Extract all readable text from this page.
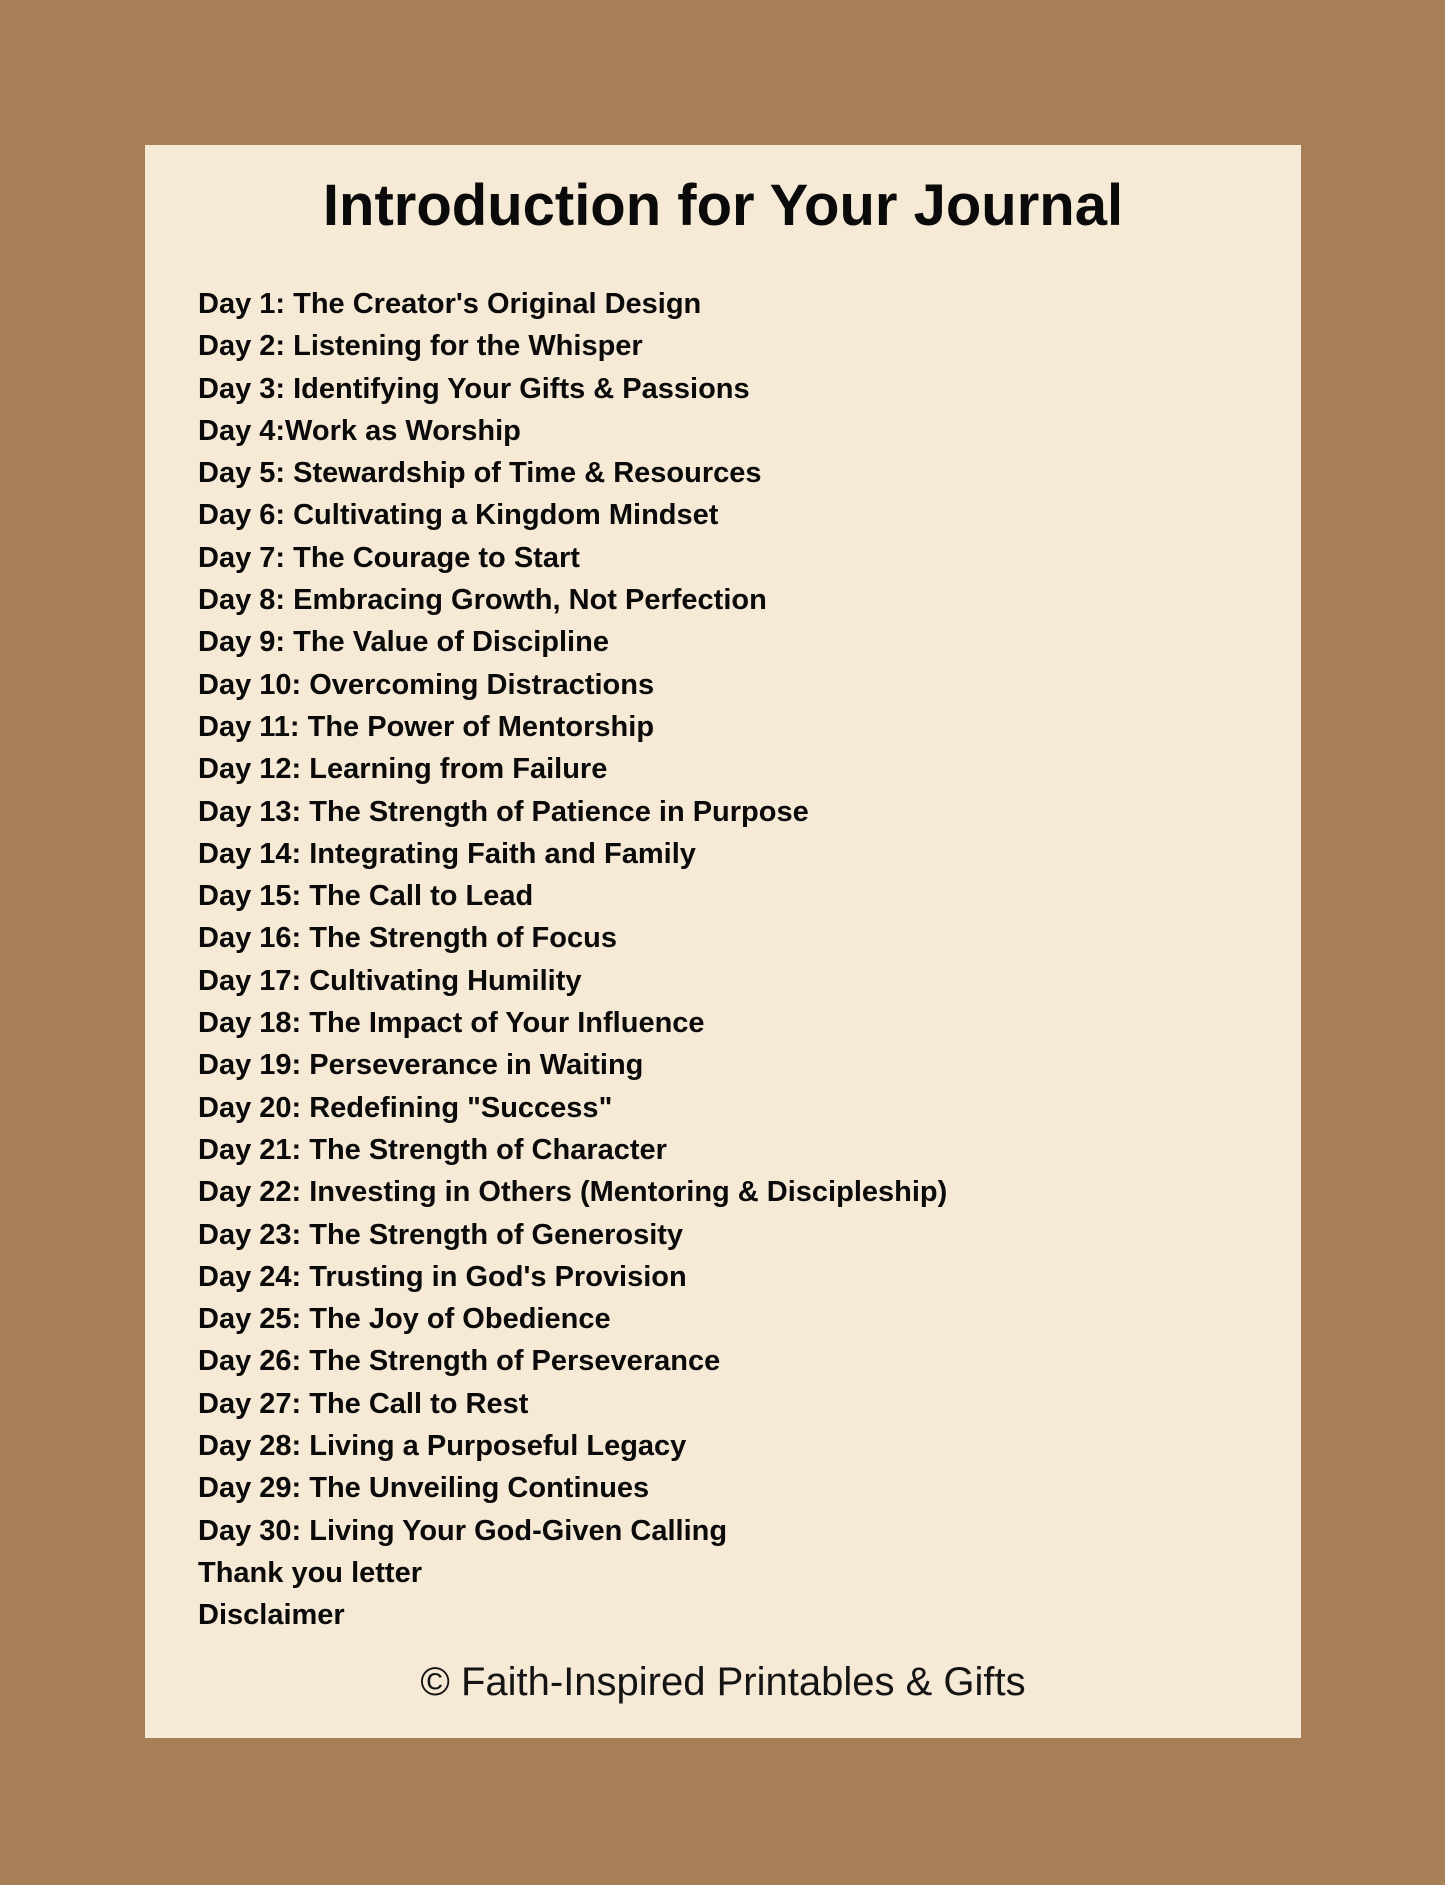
Introduction for Your Journal
Day 1: The Creator's Original Design
Day 2: Listening for the Whisper
Day 3: Identifying Your Gifts & Passions
Day 4:Work as Worship
Day 5: Stewardship of Time & Resources
Day 6: Cultivating a Kingdom Mindset
Day 7: The Courage to Start
Day 8: Embracing Growth, Not Perfection
Day 9: The Value of Discipline
Day 10: Overcoming Distractions
Day 11: The Power of Mentorship
Day 12: Learning from Failure
Day 13: The Strength of Patience in Purpose
Day 14: Integrating Faith and Family
Day 15: The Call to Lead
Day 16: The Strength of Focus
Day 17: Cultivating Humility
Day 18: The Impact of Your Influence
Day 19: Perseverance in Waiting
Day 20: Redefining "Success"
Day 21: The Strength of Character
Day 22: Investing in Others (Mentoring & Discipleship)
Day 23: The Strength of Generosity
Day 24: Trusting in God's Provision
Day 25: The Joy of Obedience
Day 26: The Strength of Perseverance
Day 27: The Call to Rest
Day 28: Living a Purposeful Legacy
Day 29: The Unveiling Continues
Day 30: Living Your God-Given Calling
Thank you letter
Disclaimer
© Faith-Inspired Printables & Gifts
